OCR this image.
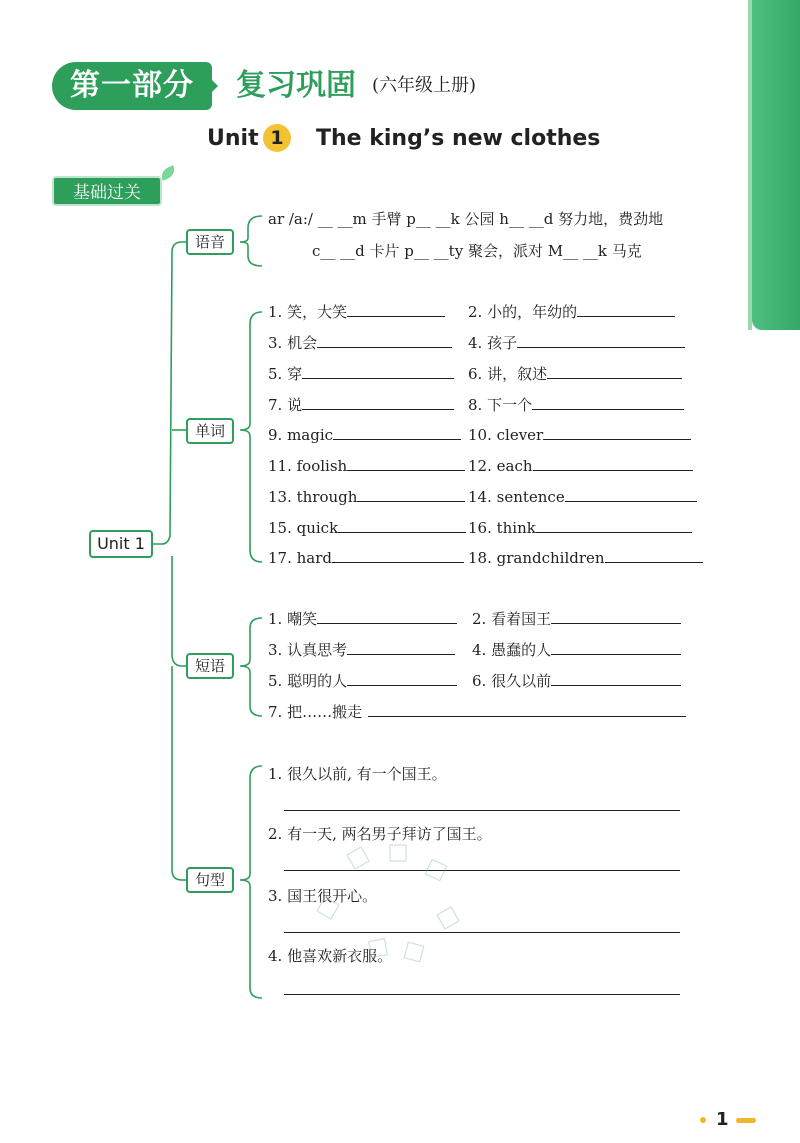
第一部分	复习巩固 (六年级上册)
Unit 1	The king’s new clothes
基础过关
Unit 1
语音
单词
短语
句型
ar /a:/ __ __m 手臂 p__ __k 公园 h__ __d 努力地，费劲地
c__ __d 卡片 p__ __ty 聚会，派对 M__ __k 马克
1. 笑，大笑	2. 小的，年幼的
3. 机会	4. 孩子
5. 穿	6. 讲，叙述
7. 说	8. 下一个
9. magic	10. clever
11. foolish	12. each
13. through	14. sentence
15. quick	16. think
17. hard	18. grandchildren
1. 嘲笑	2. 看着国王
3. 认真思考	4. 愚蠢的人
5. 聪明的人	6. 很久以前
7. 把……搬走
1. 很久以前, 有一个国王。
2. 有一天, 两名男子拜访了国王。
3. 国王很开心。
4. 他喜欢新衣服。
1
